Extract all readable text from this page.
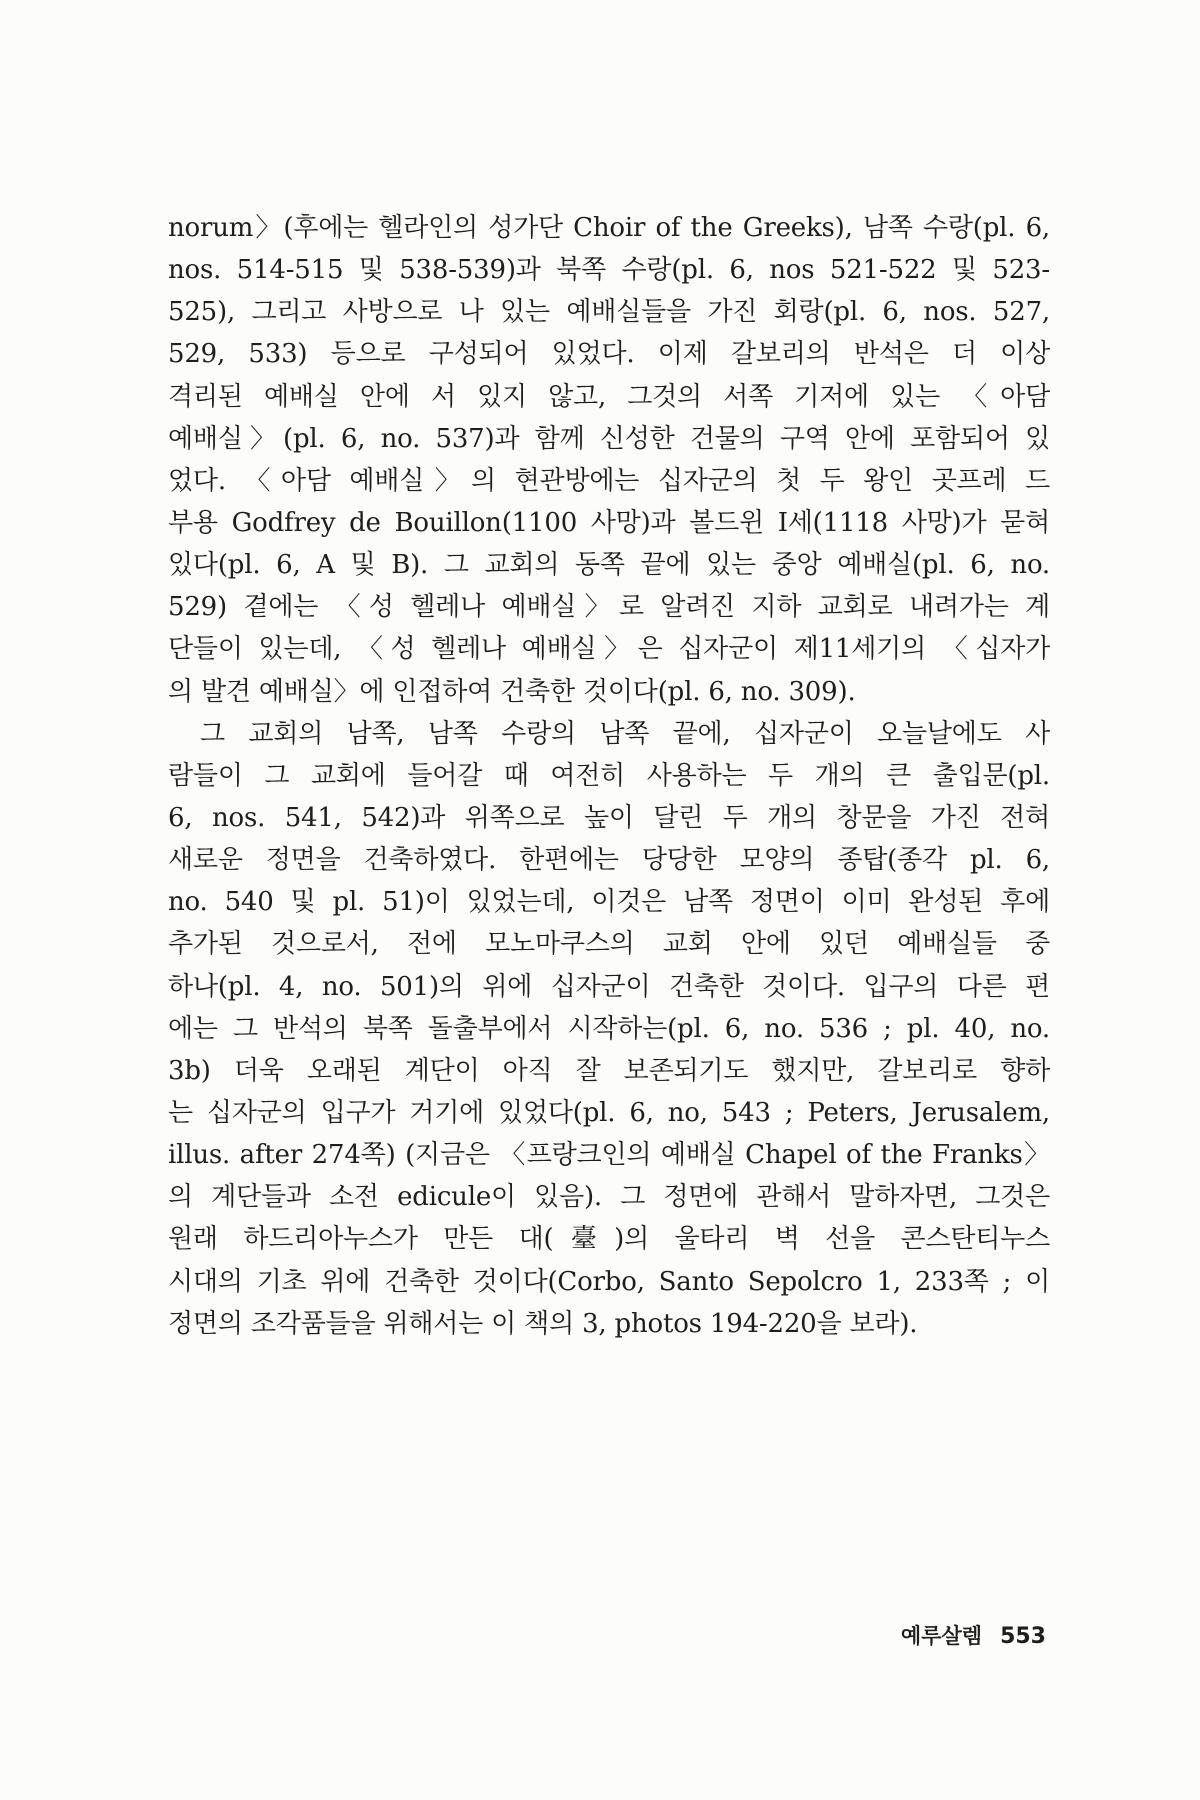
norum〉(후에는 헬라인의 성가단 Choir of the Greeks), 남쪽 수랑(pl. 6,
nos. 514-515 및 538-539)과 북쪽 수랑(pl. 6, nos 521-522 및 523-
525), 그리고 사방으로 나 있는 예배실들을 가진 회랑(pl. 6, nos. 527,
529, 533) 등으로 구성되어 있었다. 이제 갈보리의 반석은 더 이상
격리된 예배실 안에 서 있지 않고, 그것의 서쪽 기저에 있는 〈아담
예배실〉(pl. 6, no. 537)과 함께 신성한 건물의 구역 안에 포함되어 있
었다. 〈아담 예배실〉의 현관방에는 십자군의 첫 두 왕인 곳프레 드
부용 Godfrey de Bouillon(1100 사망)과 볼드윈 I세(1118 사망)가 묻혀
있다(pl. 6, A 및 B). 그 교회의 동쪽 끝에 있는 중앙 예배실(pl. 6, no.
529) 곁에는 〈성 헬레나 예배실〉로 알려진 지하 교회로 내려가는 계
단들이 있는데, 〈성 헬레나 예배실〉은 십자군이 제11세기의 〈십자가
의 발견 예배실〉에 인접하여 건축한 것이다(pl. 6, no. 309).
그 교회의 남쪽, 남쪽 수랑의 남쪽 끝에, 십자군이 오늘날에도 사
람들이 그 교회에 들어갈 때 여전히 사용하는 두 개의 큰 출입문(pl.
6, nos. 541, 542)과 위쪽으로 높이 달린 두 개의 창문을 가진 전혀
새로운 정면을 건축하였다. 한편에는 당당한 모양의 종탑(종각 pl. 6,
no. 540 및 pl. 51)이 있었는데, 이것은 남쪽 정면이 이미 완성된 후에
추가된 것으로서, 전에 모노마쿠스의 교회 안에 있던 예배실들 중
하나(pl. 4, no. 501)의 위에 십자군이 건축한 것이다. 입구의 다른 편
에는 그 반석의 북쪽 돌출부에서 시작하는(pl. 6, no. 536 ; pl. 40, no.
3b) 더욱 오래된 계단이 아직 잘 보존되기도 했지만, 갈보리로 향하
는 십자군의 입구가 거기에 있었다(pl. 6, no, 543 ; Peters, Jerusalem,
illus. after 274쪽) (지금은 〈프랑크인의 예배실 Chapel of the Franks〉
의 계단들과 소전 edicule이 있음). 그 정면에 관해서 말하자면, 그것은
원래 하드리아누스가 만든 대(臺)의 울타리 벽 선을 콘스탄티누스
시대의 기초 위에 건축한 것이다(Corbo, Santo Sepolcro 1, 233쪽 ; 이
정면의 조각품들을 위해서는 이 책의 3, photos 194-220을 보라).
예루살렘 553
